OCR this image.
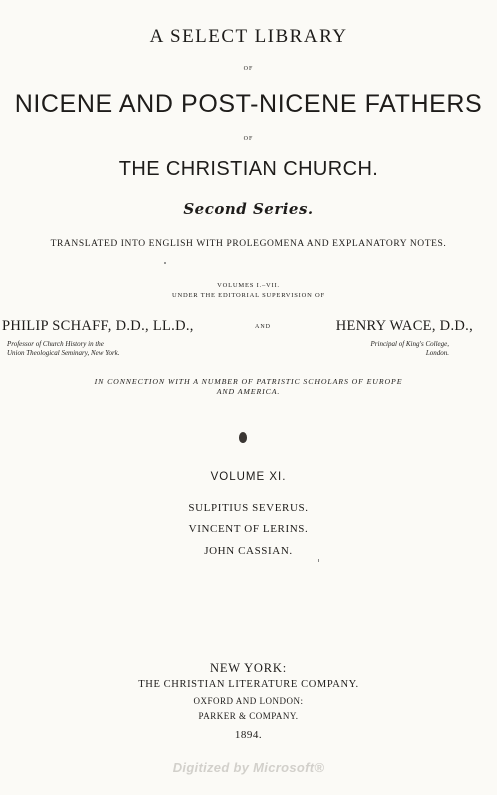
A SELECT LIBRARY
OF
NICENE AND POST-NICENE FATHERS
OF
THE CHRISTIAN CHURCH.
Second Series.
TRANSLATED INTO ENGLISH WITH PROLEGOMENA AND EXPLANATORY NOTES.
VOLUMES I.–VII.
UNDER THE EDITORIAL SUPERVISION OF
PHILIP SCHAFF, D.D., LL.D.,	AND	HENRY WACE, D.D.,
Professor of Church History in the
Union Theological Seminary, New York.
Principal of King's College,
London.
IN CONNECTION WITH A NUMBER OF PATRISTIC SCHOLARS OF EUROPE
AND AMERICA.
VOLUME XI.
SULPITIUS SEVERUS.
VINCENT OF LERINS.
JOHN CASSIAN.
NEW YORK:
THE CHRISTIAN LITERATURE COMPANY.
OXFORD AND LONDON:
PARKER & COMPANY.
1894.
Digitized by Microsoft®
